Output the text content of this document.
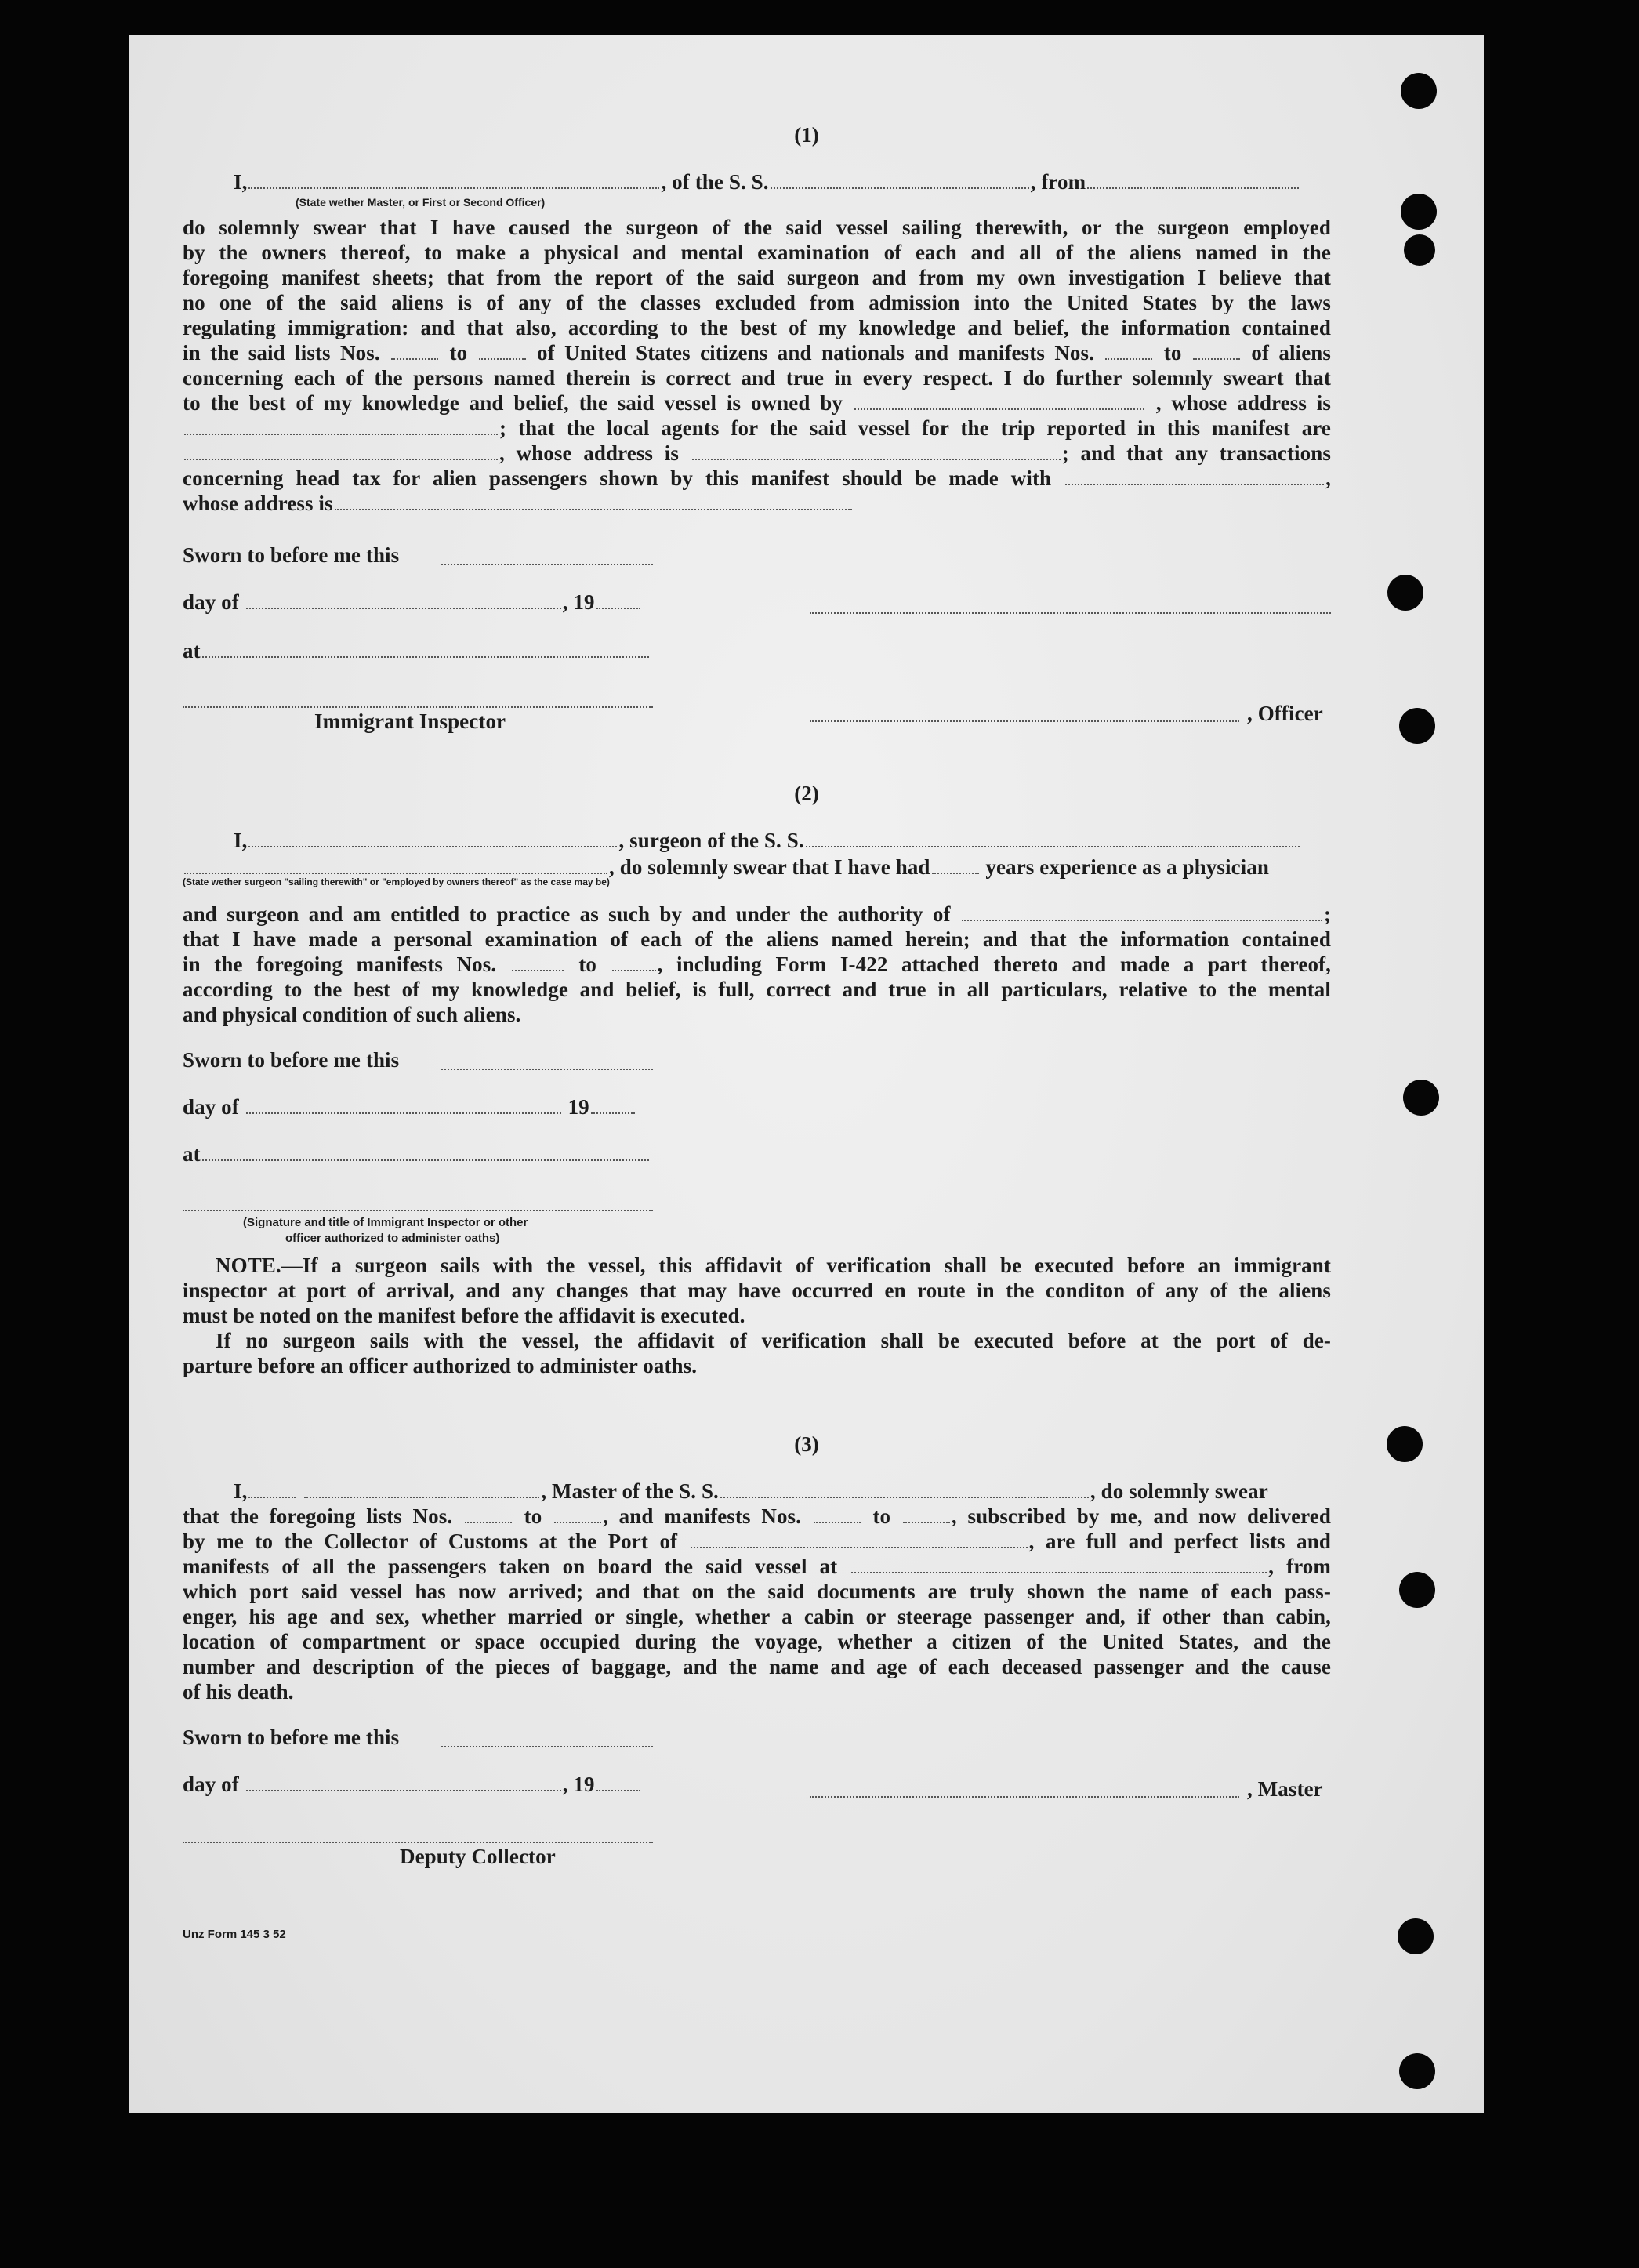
(1)
I,	, of the S. S.	, from
(State wether Master, or First or Second Officer)
do solemnly swear that I have caused the surgeon of the said vessel sailing therewith, or the surgeon employed
by the owners thereof, to make a physical and mental examination of each and all of the aliens named in the
foregoing manifest sheets; that from the report of the said surgeon and from my own investigation I believe that
no one of the said aliens is of any of the classes excluded from admission into the United States by the laws
regulating immigration: and that also, according to the best of my knowledge and belief, the information contained
in the said lists Nos.	to	of United States citizens and nationals and manifests Nos.	to	of aliens
concerning each of the persons named therein is correct and true in every respect. I do further solemnly sweart that
to the best of my knowledge and belief, the said vessel is owned by	, whose address is
; that the local agents for the said vessel for the trip reported in this manifest are
, whose address is	; and that any transactions
concerning head tax for alien passengers shown by this manifest should be made with	,
whose address is
Sworn to before me this
day of	, 19
at
Immigrant Inspector	, Officer
(2)
I,	, surgeon of the S. S.
, do solemnly swear that I have had	years experience as a physician
(State wether surgeon "sailing therewith" or "employed by owners thereof" as the case may be)
and surgeon and am entitled to practice as such by and under the authority of	;
that I have made a personal examination of each of the aliens named herein; and that the information contained
in the foregoing manifests Nos.	to	, including Form I-422 attached thereto and made a part thereof,
according to the best of my knowledge and belief, is full, correct and true in all particulars, relative to the mental
and physical condition of such aliens.
Sworn to before me this
day of	19
at
(Signature and title of Immigrant Inspector or other
officer authorized to administer oaths)
NOTE.—If a surgeon sails with the vessel, this affidavit of verification shall be executed before an immigrant
inspector at port of arrival, and any changes that may have occurred en route in the conditon of any of the aliens
must be noted on the manifest before the affidavit is executed.
If no surgeon sails with the vessel, the affidavit of verification shall be executed before at the port of de-
parture before an officer authorized to administer oaths.
(3)
I,	, Master of the S. S.	, do solemnly swear
that the foregoing lists Nos.	to	, and manifests Nos.	to	, subscribed by me, and now delivered
by me to the Collector of Customs at the Port of	, are full and perfect lists and
manifests of all the passengers taken on board the said vessel at	, from
which port said vessel has now arrived; and that on the said documents are truly shown the name of each pass-
enger, his age and sex, whether married or single, whether a cabin or steerage passenger and, if other than cabin,
location of compartment or space occupied during the voyage, whether a citizen of the United States, and the
number and description of the pieces of baggage, and the name and age of each deceased passenger and the cause
of his death.
Sworn to before me this
day of	, 19	, Master
Deputy Collector
Unz Form 145 3 52
